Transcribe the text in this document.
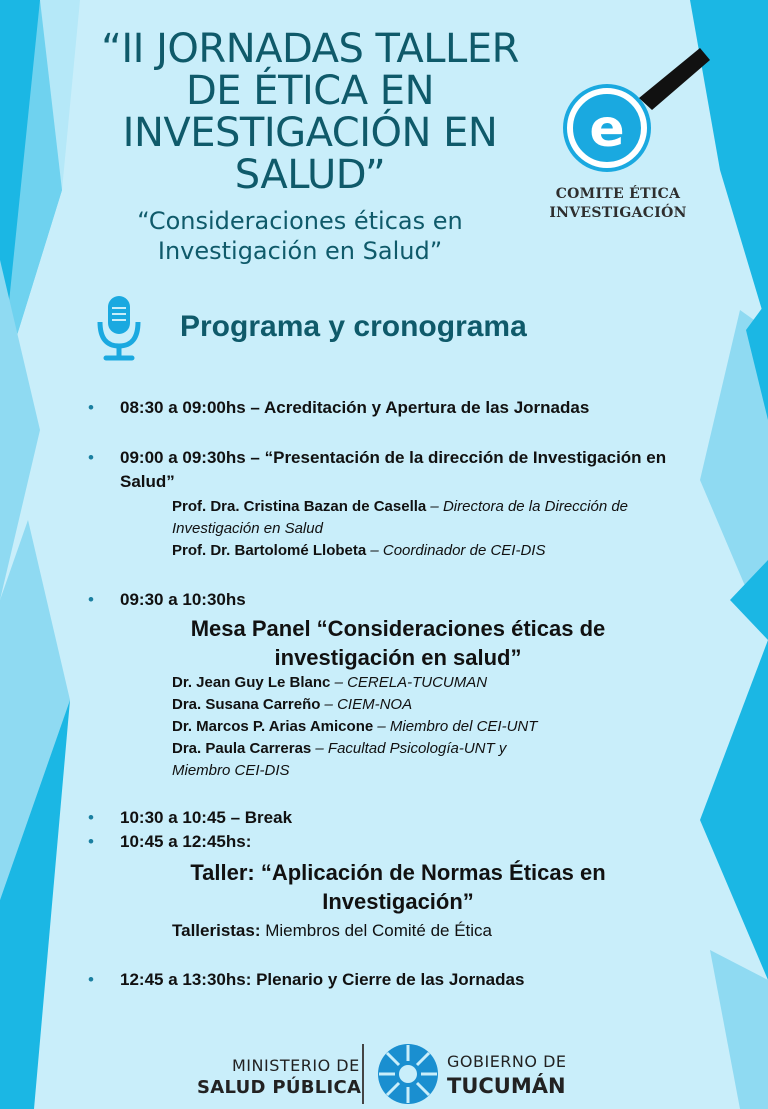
“II JORNADAS TALLER
DE ÉTICA EN
INVESTIGACIÓN EN
SALUD”
“Consideraciones éticas en
Investigación en Salud”
e
COMITE ÉTICA
INVESTIGACIÓN
Programa y cronograma
• 08:30 a 09:00hs – Acreditación y Apertura de las Jornadas
• 09:00 a 09:30hs – “Presentación de la dirección de Investigación en Salud”
Prof. Dra. Cristina Bazan de Casella – Directora de la Dirección de Investigación en Salud
Prof. Dr. Bartolomé Llobeta – Coordinador de CEI-DIS
• 09:30 a 10:30hs
Mesa Panel “Consideraciones éticas de investigación en salud”
Dr. Jean Guy Le Blanc – CERELA-TUCUMAN
Dra. Susana Carreño – CIEM-NOA
Dr. Marcos P. Arias Amicone – Miembro del CEI-UNT
Dra. Paula Carreras – Facultad Psicología-UNT y Miembro CEI-DIS
• 10:30 a 10:45 – Break
• 10:45 a 12:45hs:
Taller: “Aplicación de Normas Éticas en Investigación”
Talleristas: Miembros del Comité de Ética
• 12:45 a 13:30hs: Plenario y Cierre de las Jornadas
MINISTERIO DE
SALUD PÚBLICA
GOBIERNO DE
TUCUMÁN
